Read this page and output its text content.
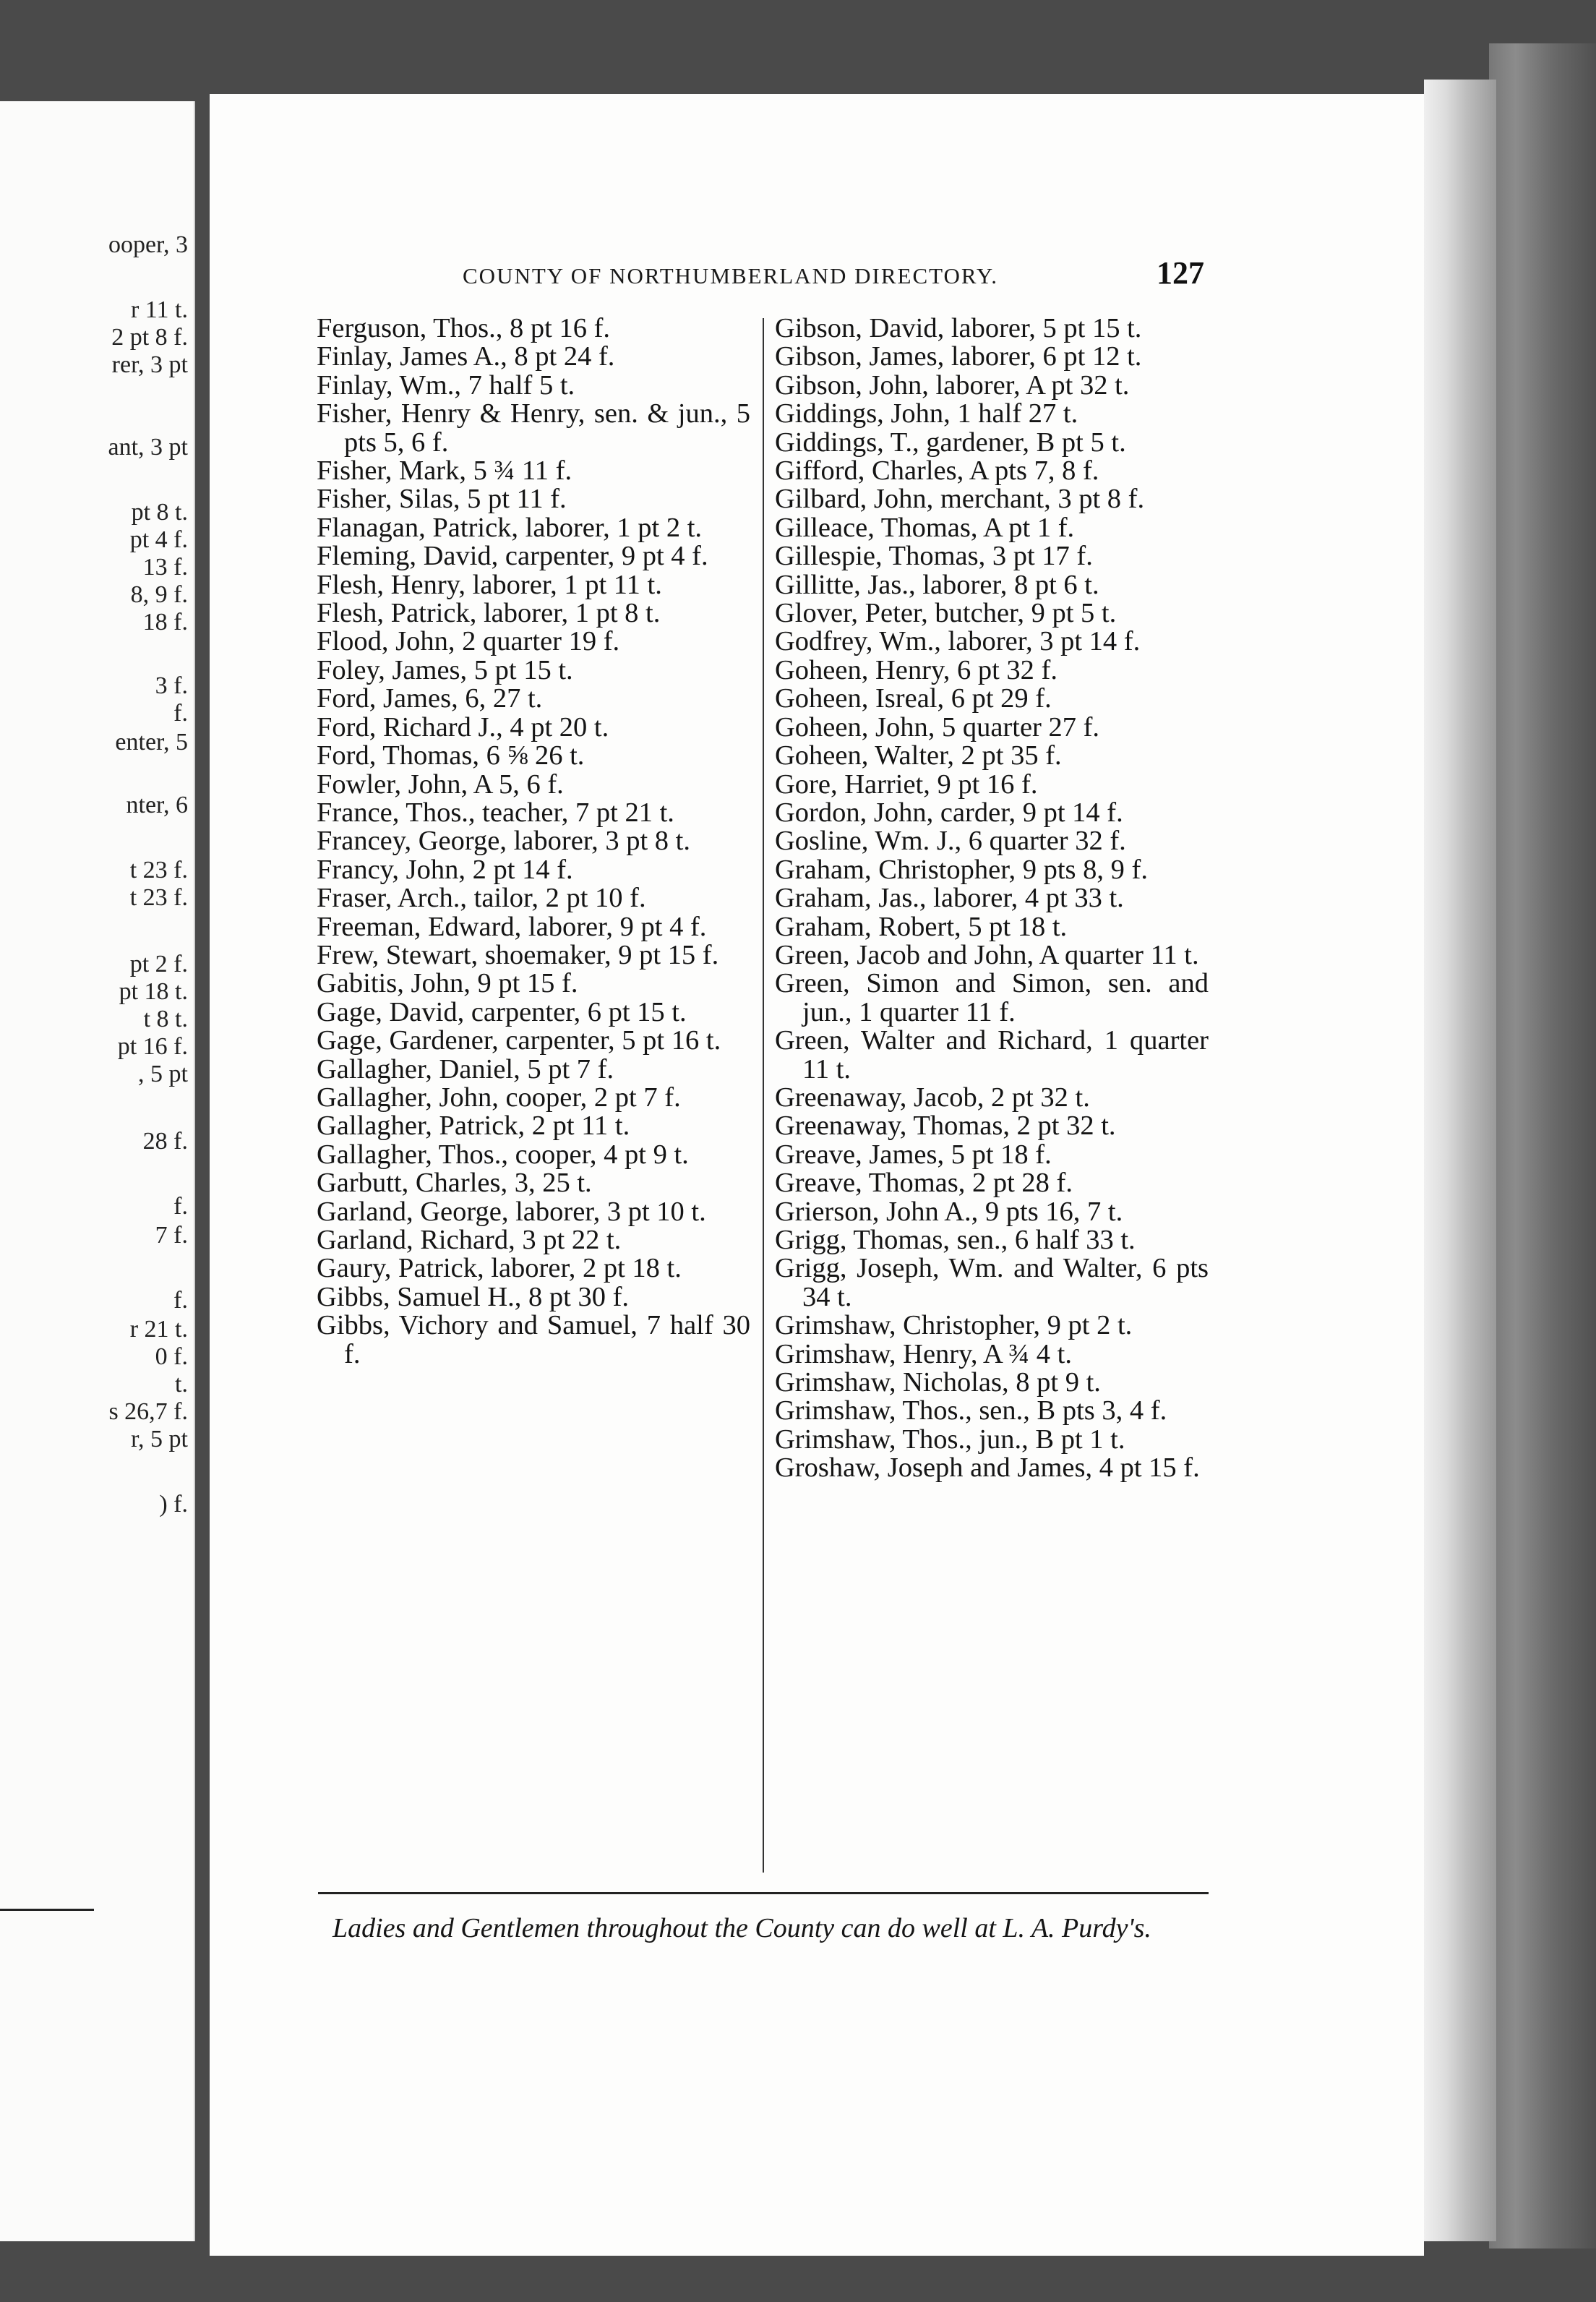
ooper, 3
r 11 t.
2 pt 8 f.
rer, 3 pt
ant, 3 pt
pt 8 t.
pt 4 f.
13 f.
8, 9 f.
18 f.
3 f.
f.
enter, 5
nter, 6
t 23 f.
t 23 f.
pt 2 f.
pt 18 t.
t 8 t.
pt 16 f.
, 5 pt
28 f.
f.
7 f.
f.
r 21 t.
0 f.
t.
s 26,7 f.
r, 5 pt
) f.
COUNTY OF NORTHUMBERLAND DIRECTORY.	127
Ferguson, Thos., 8 pt 16 f.
Finlay, James A., 8 pt 24 f.
Finlay, Wm., 7 half 5 t.
Fisher, Henry & Henry, sen. & jun., 5 pts 5, 6 f.
Fisher, Mark, 5 ¾ 11 f.
Fisher, Silas, 5 pt 11 f.
Flanagan, Patrick, laborer, 1 pt 2 t.
Fleming, David, carpenter, 9 pt 4 f.
Flesh, Henry, laborer, 1 pt 11 t.
Flesh, Patrick, laborer, 1 pt 8 t.
Flood, John, 2 quarter 19 f.
Foley, James, 5 pt 15 t.
Ford, James, 6, 27 t.
Ford, Richard J., 4 pt 20 t.
Ford, Thomas, 6 ⅝ 26 t.
Fowler, John, A 5, 6 f.
France, Thos., teacher, 7 pt 21 t.
Francey, George, laborer, 3 pt 8 t.
Francy, John, 2 pt 14 f.
Fraser, Arch., tailor, 2 pt 10 f.
Freeman, Edward, laborer, 9 pt 4 f.
Frew, Stewart, shoemaker, 9 pt 15 f.
Gabitis, John, 9 pt 15 f.
Gage, David, carpenter, 6 pt 15 t.
Gage, Gardener, carpenter, 5 pt 16 t.
Gallagher, Daniel, 5 pt 7 f.
Gallagher, John, cooper, 2 pt 7 f.
Gallagher, Patrick, 2 pt 11 t.
Gallagher, Thos., cooper, 4 pt 9 t.
Garbutt, Charles, 3, 25 t.
Garland, George, laborer, 3 pt 10 t.
Garland, Richard, 3 pt 22 t.
Gaury, Patrick, laborer, 2 pt 18 t.
Gibbs, Samuel H., 8 pt 30 f.
Gibbs, Vichory and Samuel, 7 half 30 f.
Gibson, David, laborer, 5 pt 15 t.
Gibson, James, laborer, 6 pt 12 t.
Gibson, John, laborer, A pt 32 t.
Giddings, John, 1 half 27 t.
Giddings, T., gardener, B pt 5 t.
Gifford, Charles, A pts 7, 8 f.
Gilbard, John, merchant, 3 pt 8 f.
Gilleace, Thomas, A pt 1 f.
Gillespie, Thomas, 3 pt 17 f.
Gillitte, Jas., laborer, 8 pt 6 t.
Glover, Peter, butcher, 9 pt 5 t.
Godfrey, Wm., laborer, 3 pt 14 f.
Goheen, Henry, 6 pt 32 f.
Goheen, Isreal, 6 pt 29 f.
Goheen, John, 5 quarter 27 f.
Goheen, Walter, 2 pt 35 f.
Gore, Harriet, 9 pt 16 f.
Gordon, John, carder, 9 pt 14 f.
Gosline, Wm. J., 6 quarter 32 f.
Graham, Christopher, 9 pts 8, 9 f.
Graham, Jas., laborer, 4 pt 33 t.
Graham, Robert, 5 pt 18 t.
Green, Jacob and John, A quarter 11 t.
Green, Simon and Simon, sen. and jun., 1 quarter 11 f.
Green, Walter and Richard, 1 quarter 11 t.
Greenaway, Jacob, 2 pt 32 t.
Greenaway, Thomas, 2 pt 32 t.
Greave, James, 5 pt 18 f.
Greave, Thomas, 2 pt 28 f.
Grierson, John A., 9 pts 16, 7 t.
Grigg, Thomas, sen., 6 half 33 t.
Grigg, Joseph, Wm. and Walter, 6 pts 34 t.
Grimshaw, Christopher, 9 pt 2 t.
Grimshaw, Henry, A ¾ 4 t.
Grimshaw, Nicholas, 8 pt 9 t.
Grimshaw, Thos., sen., B pts 3, 4 f.
Grimshaw, Thos., jun., B pt 1 t.
Groshaw, Joseph and James, 4 pt 15 f.
Ladies and Gentlemen throughout the County can do well at L. A. Purdy's.
